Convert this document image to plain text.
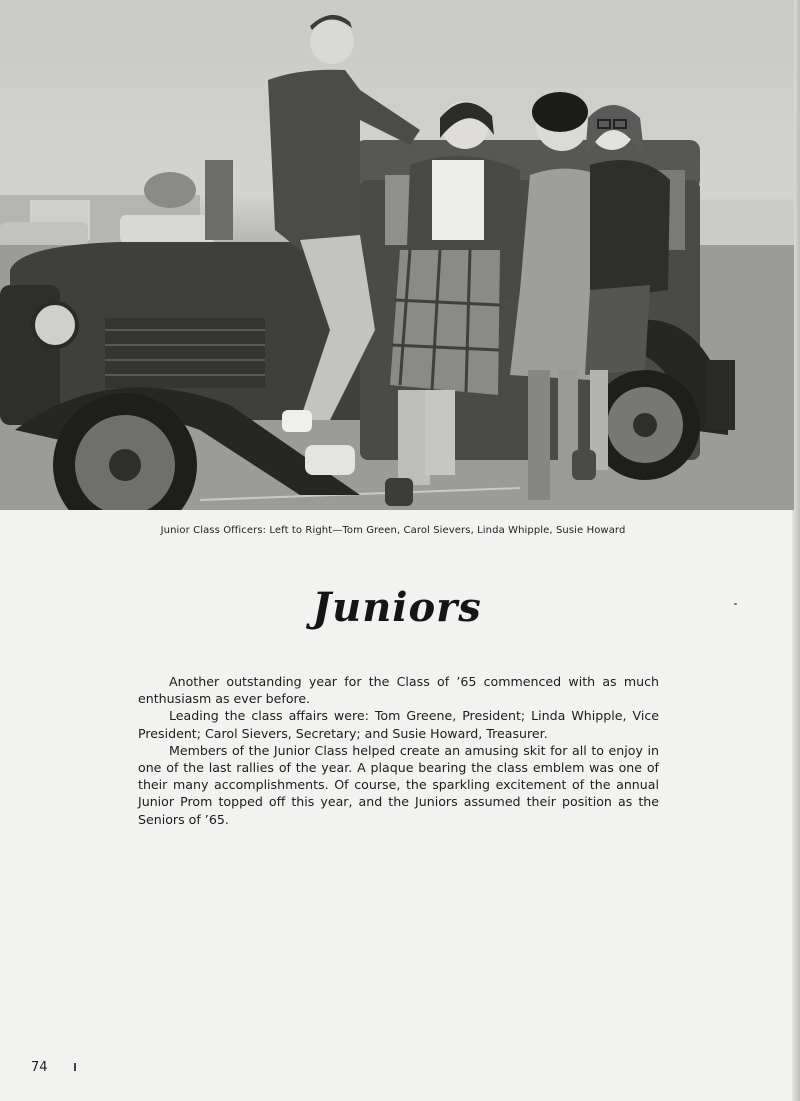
Junior Class Officers: Left to Right—Tom Green, Carol Sievers, Linda Whipple, Susie Howard
Juniors

Another outstanding year for the Class of ’65 commenced with as much enthusiasm as ever before.

Leading the class affairs were: Tom Greene, President; Linda Whipple, Vice President; Carol Sievers, Secretary; and Susie Howard, Treasurer.

Members of the Junior Class helped create an amusing skit for all to enjoy in one of the last rallies of the year. A plaque bearing the class emblem was one of their many accomplishments. Of course, the sparkling excitement of the annual Junior Prom topped off this year, and the Juniors assumed their position as the Seniors of ’65.

74
